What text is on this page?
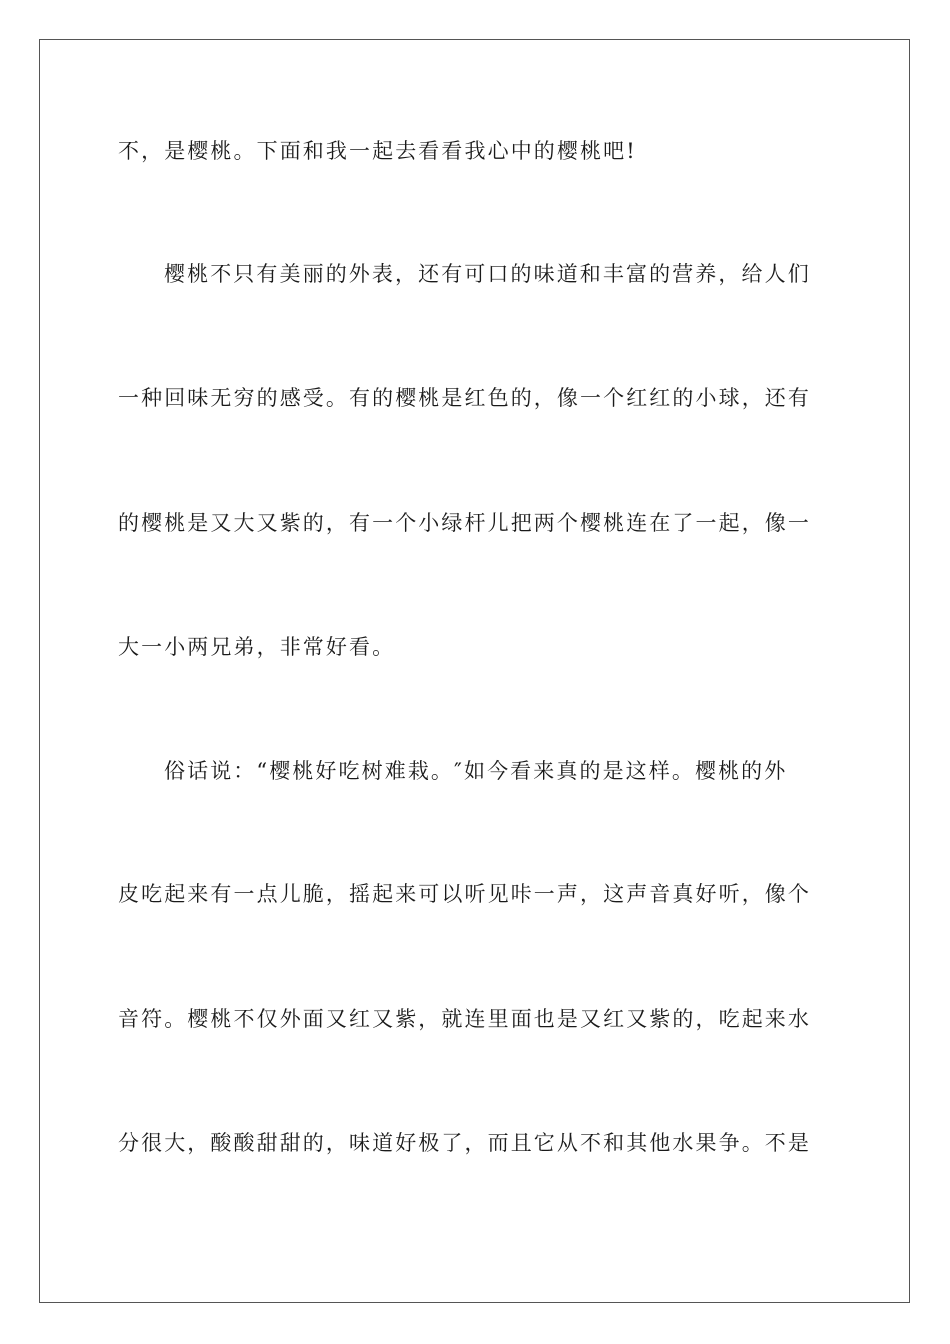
不，是樱桃。下面和我一起去看看我心中的樱桃吧!
樱桃不只有美丽的外表，还有可口的味道和丰富的营养，给人们
一种回味无穷的感受。有的樱桃是红色的，像一个红红的小球，还有
的樱桃是又大又紫的，有一个小绿杆儿把两个樱桃连在了一起，像一
大一小两兄弟，非常好看。
俗话说：“樱桃好吃树难栽。″如今看来真的是这样。樱桃的外
皮吃起来有一点儿脆，摇起来可以听见咔一声，这声音真好听，像个
音符。樱桃不仅外面又红又紫，就连里面也是又红又紫的，吃起来水
分很大，酸酸甜甜的，味道好极了，而且它从不和其他水果争。不是
